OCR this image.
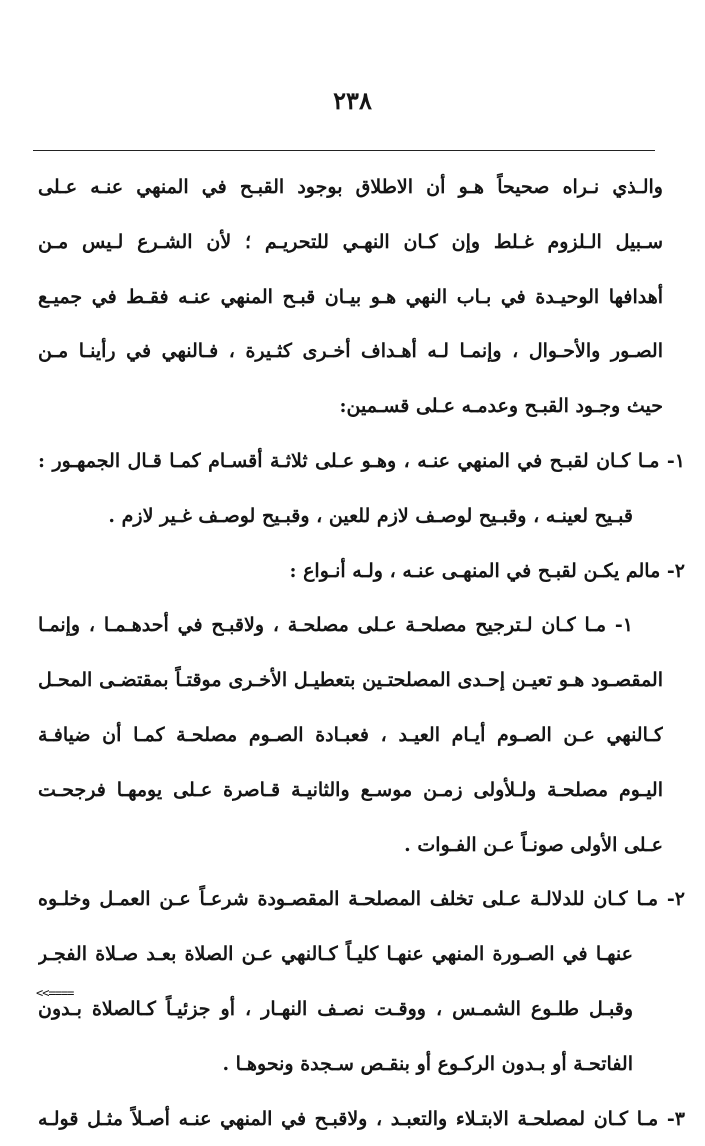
٢٣٨
والـذي نـراه صحيحاً هـو أن الاطلاق بوجود القبـح في المنهي عنـه عـلى
سـبيل الـلزوم غـلط وإن كـان النهـي للتحريـم ؛ لأن الشـرع لـيس مـن
أهدافها الوحيـدة في بـاب النهي هـو بيـان قبـح المنهي عنـه فقـط في جميـع
الصـور والأحـوال ، وإنمـا لـه أهـداف أخـرى كثـيرة ، فـالنهي في رأينـا مـن
حيث وجـود القبـح وعدمـه عـلى قسـمين:
١- مـا كـان لقبـح في المنهي عنـه ، وهـو عـلى ثلاثـة أقسـام كمـا قـال الجمهـور :
قبـيح لعينـه ، وقبـيح لوصـف لازم للعين ، وقبـيح لوصـف غـير لازم .
٢- مالم يكـن لقبـح في المنهـى عنـه ، ولـه أنـواع :
١- مـا كـان لـترجيح مصلحـة عـلى مصلحـة ، ولاقبـح في أحدهـمـا ، وإنمـا
المقصـود هـو تعيـن إحـدى المصلحتـين بتعطيـل الأخـرى موقتـاً بمقتضـى المحـل
كـالنهي عـن الصـوم أيـام العيـد ، فعبـادة الصـوم مصلحـة كمـا أن ضيافـة
اليـوم مصلحـة ولـلأولى زمـن موسـع والثانيـة قـاصرة عـلى يومهـا فرجحـت
عـلى الأولى صونـاً عـن الفـوات .
٢- مـا كـان للدلالـة عـلى تخلف المصلحـة المقصـودة شرعـاً عـن العمـل وخلـوه
عنهـا في الصـورة المنهي عنهـا كليـاً كـالنهي عـن الصلاة بعـد صـلاة الفجـر
وقبـل طلـوع الشمـس ، ووقـت نصـف النهـار ، أو جزئيـاً كـالصلاة بـدون
الفاتحـة أو بـدون الركـوع أو بنقـص سـجدة ونحوهـا .
٣- مـا كـان لمصلحـة الابتـلاء والتعبـد ، ولاقبـح في المنهي عنـه أصـلاً مثـل قولـه
<<====
